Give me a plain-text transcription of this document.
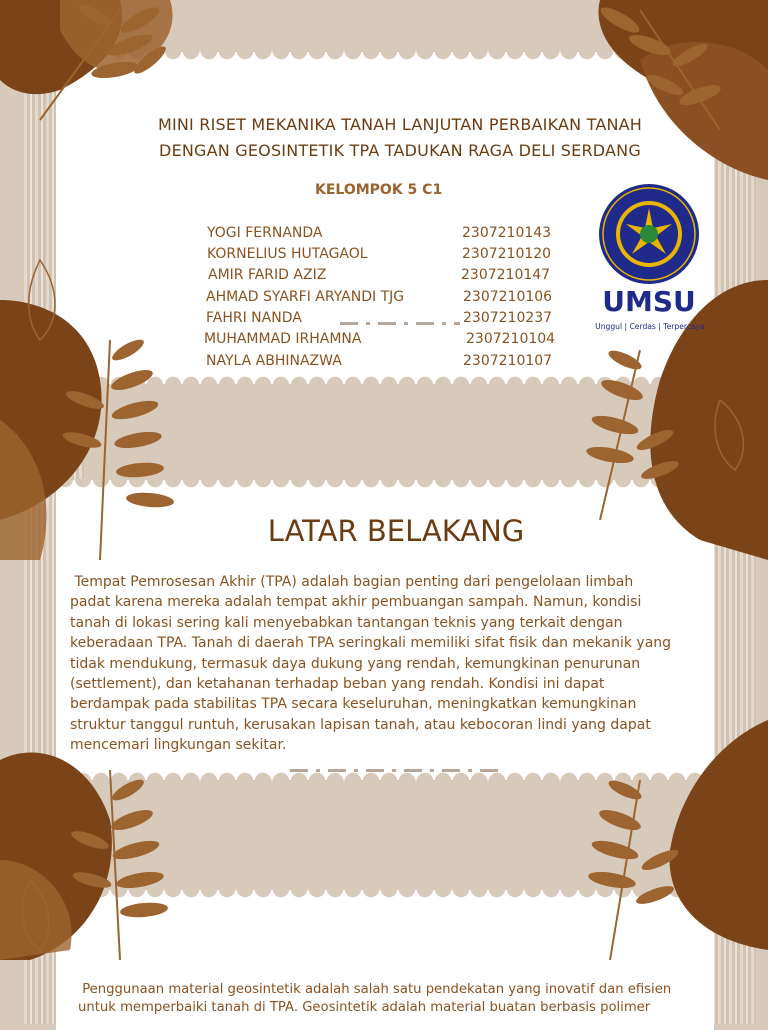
MINI RISET MEKANIKA TANAH LANJUTAN PERBAIKAN TANAH
DENGAN GEOSINTETIK TPA TADUKAN RAGA DELI SERDANG
KELOMPOK 5 C1
YOGI FERNANDA	2307210143
KORNELIUS HUTAGAOL	2307210120
AMIR FARID AZIZ	2307210147
AHMAD SYARFI ARYANDI TJG	2307210106
FAHRI NANDA	2307210237
MUHAMMAD IRHAMNA	2307210104
NAYLA ABHINAZWA	2307210107
UMSU
Unggul | Cerdas | Terpercaya
LATAR BELAKANG
Tempat Pemrosesan Akhir (TPA) adalah bagian penting dari pengelolaan limbah
padat karena mereka adalah tempat akhir pembuangan sampah. Namun, kondisi
tanah di lokasi sering kali menyebabkan tantangan teknis yang terkait dengan
keberadaan TPA. Tanah di daerah TPA seringkali memiliki sifat fisik dan mekanik yang
tidak mendukung, termasuk daya dukung yang rendah, kemungkinan penurunan
(settlement), dan ketahanan terhadap beban yang rendah. Kondisi ini dapat
berdampak pada stabilitas TPA secara keseluruhan, meningkatkan kemungkinan
struktur tanggul runtuh, kerusakan lapisan tanah, atau kebocoran lindi yang dapat
mencemari lingkungan sekitar.
Penggunaan material geosintetik adalah salah satu pendekatan yang inovatif dan efisien
untuk memperbaiki tanah di TPA. Geosintetik adalah material buatan berbasis polimer
